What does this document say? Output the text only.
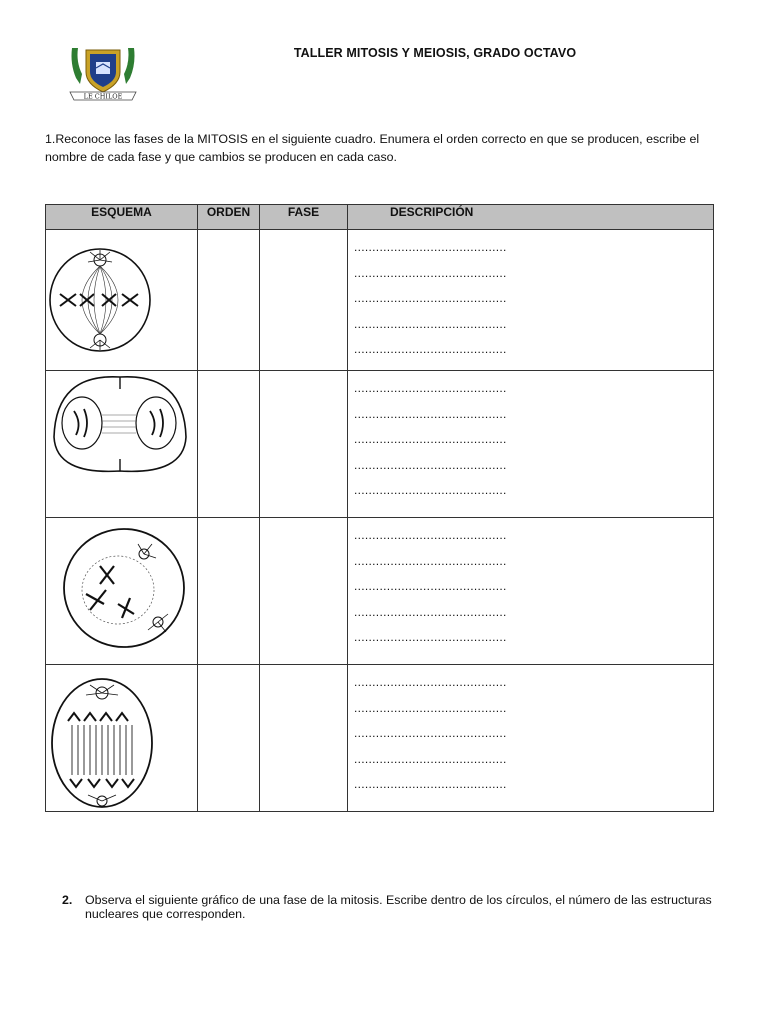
LE CHILOE
TALLER MITOSIS Y MEIOSIS, GRADO OCTAVO
1.Reconoce las fases de la MITOSIS en el siguiente cuadro. Enumera el orden correcto en que se producen, escribe el nombre de cada fase y que cambios se producen en cada caso.
ESQUEMA	ORDEN	FASE	DESCRIPCIÓN

..........................................
..........................................
..........................................
..........................................
..........................................

..........................................
..........................................
..........................................
..........................................
..........................................

..........................................
..........................................
..........................................
..........................................
..........................................

..........................................
..........................................
..........................................
..........................................
..........................................
2. Observa el siguiente gráfico de una fase de la mitosis. Escribe dentro de los círculos, el número de las estructuras nucleares que corresponden.
